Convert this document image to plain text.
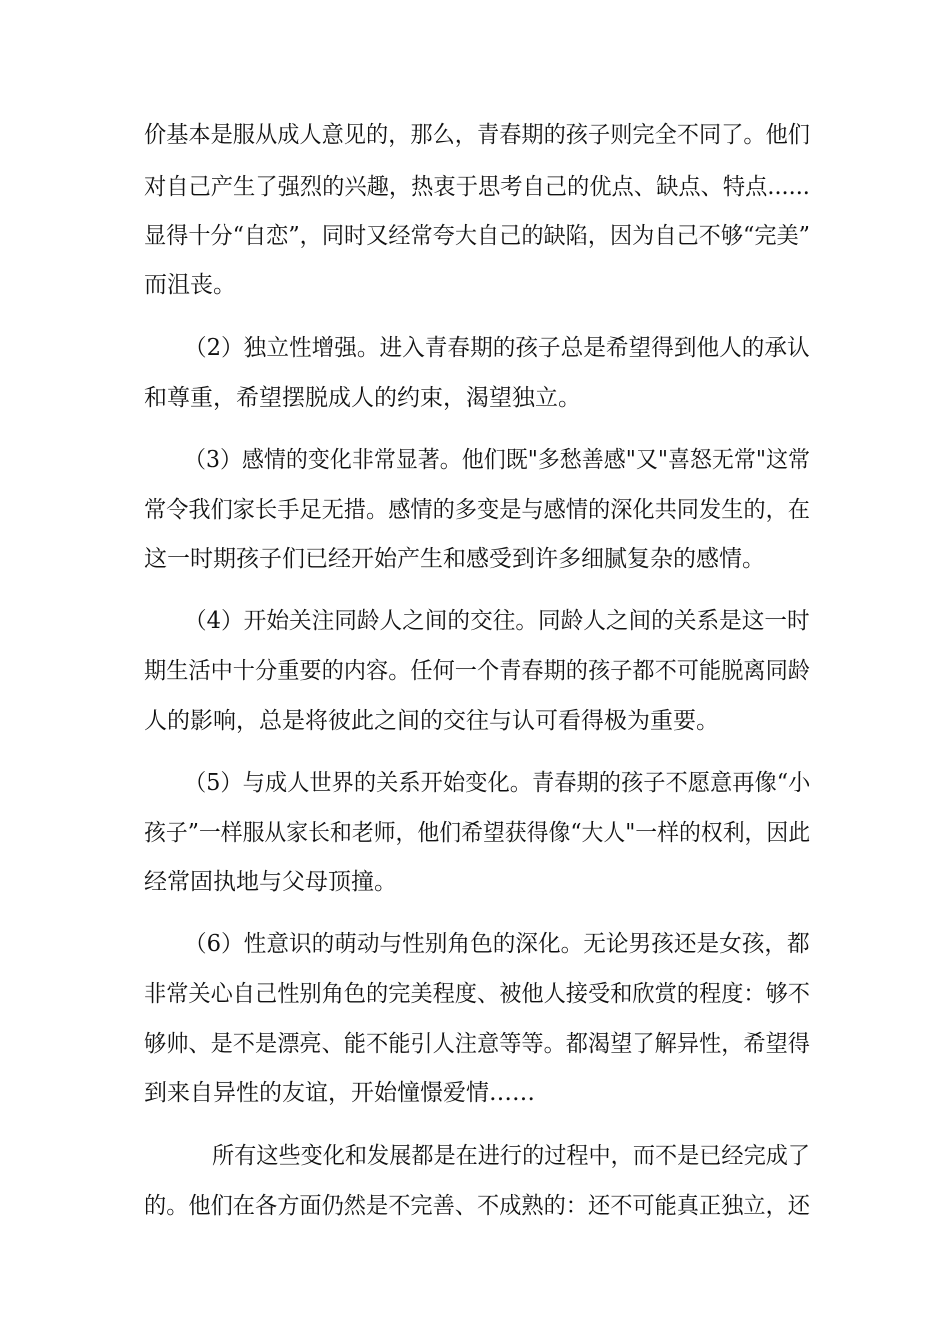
价基本是服从成人意见的，那么，青春期的孩子则完全不同了。他们
对自己产生了强烈的兴趣，热衷于思考自己的优点、缺点、特点......
显得十分“自恋”，同时又经常夸大自己的缺陷，因为自己不够“完美”
而沮丧。
（2）独立性增强。进入青春期的孩子总是希望得到他人的承认
和尊重，希望摆脱成人的约束，渴望独立。
（3）感情的变化非常显著。他们既"多愁善感"又"喜怒无常"这常
常令我们家长手足无措。感情的多变是与感情的深化共同发生的，在
这一时期孩子们已经开始产生和感受到许多细腻复杂的感情。
（4）开始关注同龄人之间的交往。同龄人之间的关系是这一时
期生活中十分重要的内容。任何一个青春期的孩子都不可能脱离同龄
人的影响，总是将彼此之间的交往与认可看得极为重要。
（5）与成人世界的关系开始变化。青春期的孩子不愿意再像“小
孩子”一样服从家长和老师，他们希望获得像“大人"一样的权利，因此
经常固执地与父母顶撞。
（6）性意识的萌动与性别角色的深化。无论男孩还是女孩，都
非常关心自己性别角色的完美程度、被他人接受和欣赏的程度：够不
够帅、是不是漂亮、能不能引人注意等等。都渴望了解异性，希望得
到来自异性的友谊，开始憧憬爱情……
所有这些变化和发展都是在进行的过程中，而不是已经完成了
的。他们在各方面仍然是不完善、不成熟的：还不可能真正独立，还
